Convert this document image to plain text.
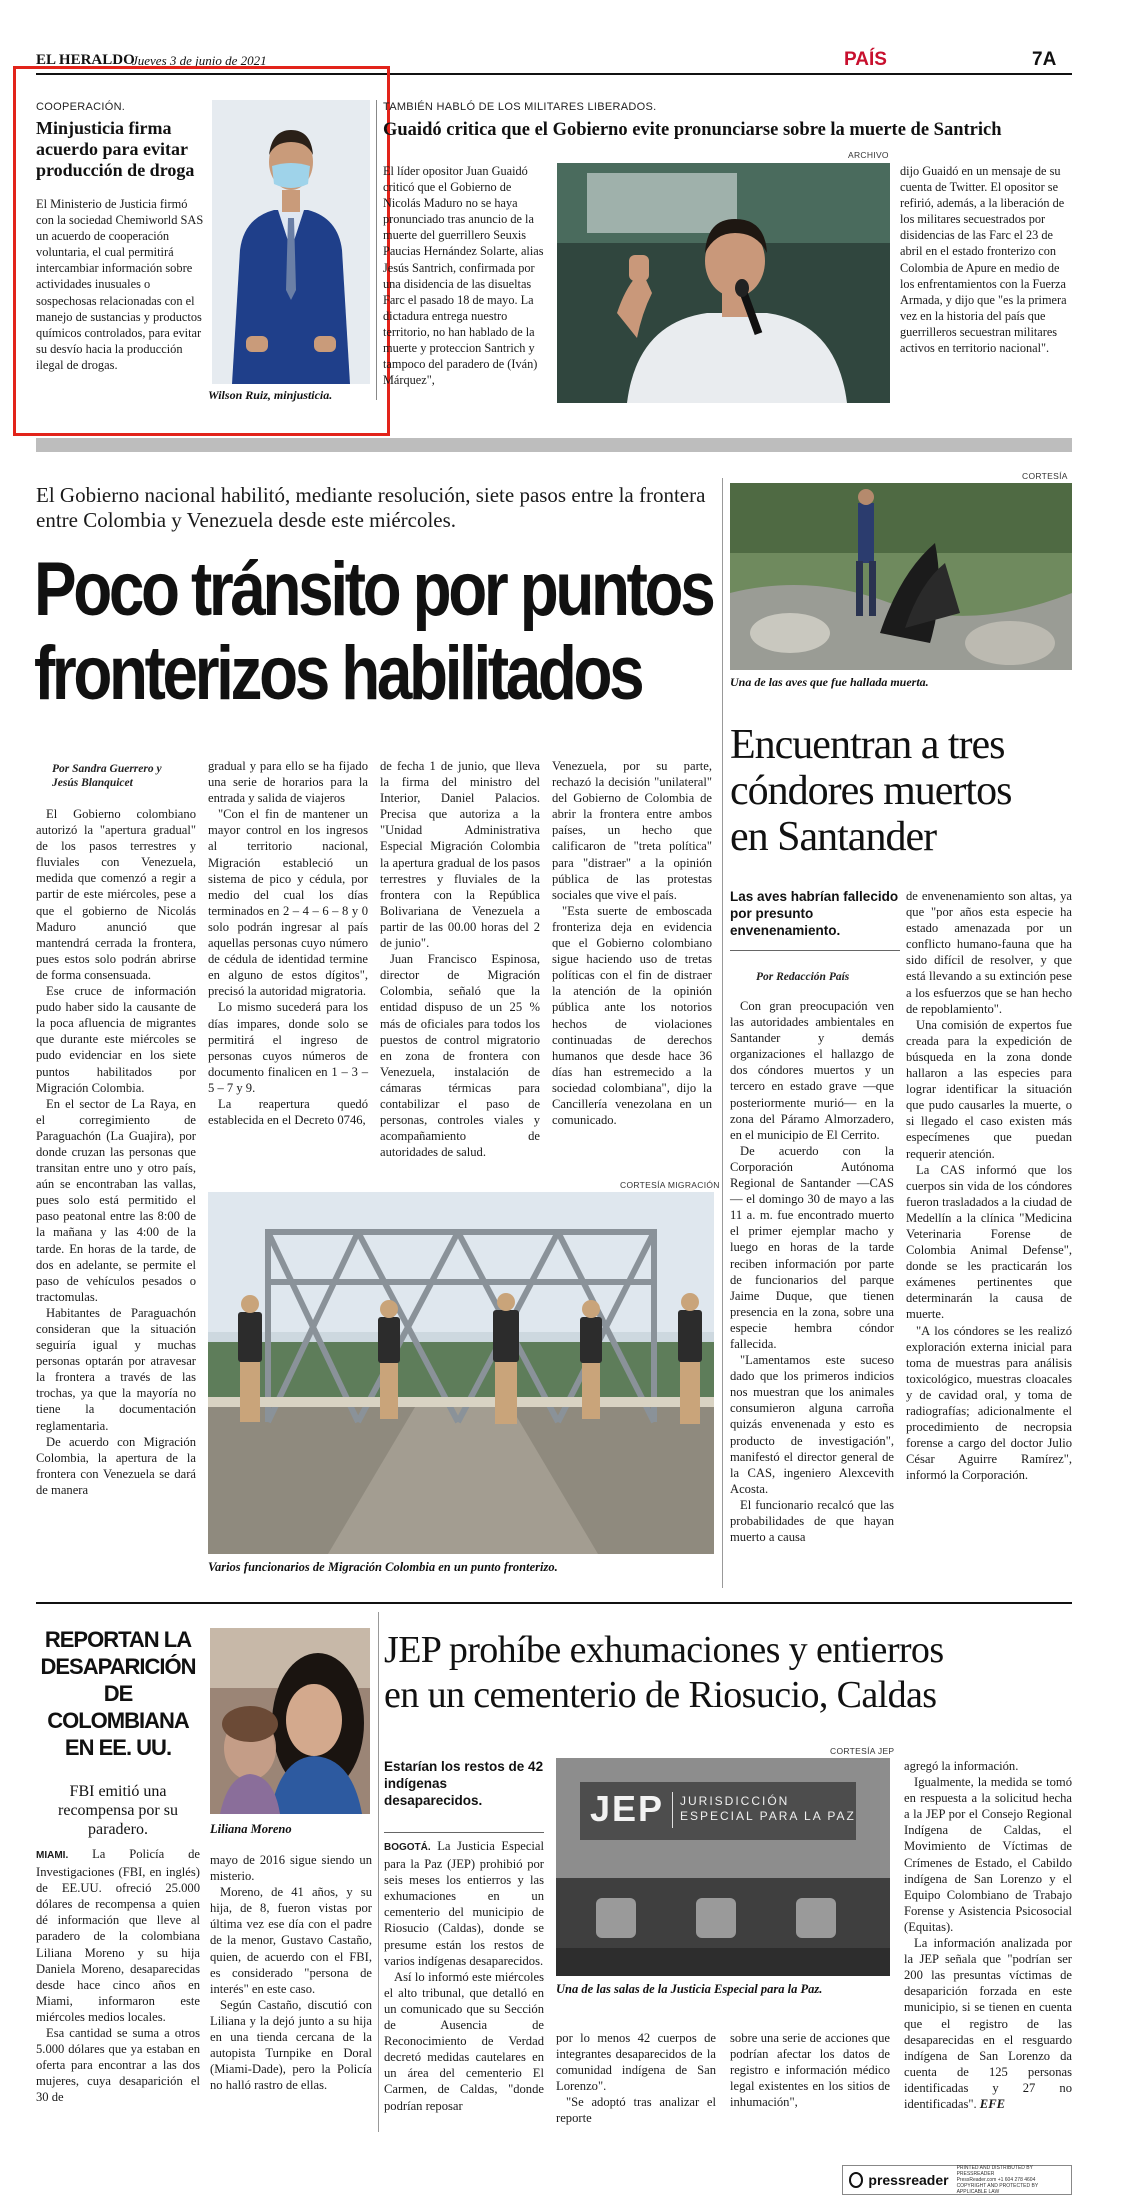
EL HERALDO
Jueves 3 de junio de 2021	PAÍS	7A
COOPERACIÓN.
Minjusticia firma acuerdo para evitar producción de droga
El Ministerio de Justicia firmó con la sociedad Chemiworld SAS un acuerdo de cooperación voluntaria, el cual permitirá intercambiar información sobre actividades inusuales o sospechosas relacionadas con el manejo de sustancias y productos químicos controlados, para evitar su desvío hacia la producción ilegal de drogas.
Wilson Ruiz, minjusticia.
TAMBIÉN HABLÓ DE LOS MILITARES LIBERADOS.
Guaidó critica que el Gobierno evite pronunciarse sobre la muerte de Santrich
ARCHIVO
El líder opositor Juan Guaidó criticó que el Gobierno de Nicolás Maduro no se haya pronunciado tras anuncio de la muerte del guerrillero Seuxis Paucias Hernández Solarte, alias Jesús Santrich, confirmada por una disidencia de las disueltas Farc el pasado 18 de mayo. La dictadura entrega nuestro territorio, no han hablado de la muerte y proteccion Santrich y tampoco del paradero de (Iván) Márquez",
dijo Guaidó en un mensaje de su cuenta de Twitter. El opositor se refirió, además, a la liberación de los militares secuestrados por disidencias de las Farc el 23 de abril en el estado fronterizo con Colombia de Apure en medio de los enfrentamientos con la Fuerza Armada, y dijo que "es la primera vez en la historia del país que guerrilleros secuestran militares activos en territorio nacional".
El Gobierno nacional habilitó, mediante resolución, siete pasos entre la frontera entre Colombia y Venezuela desde este miércoles.
Poco tránsito por puntos
fronterizos habilitados
Por Sandra Guerrero y
Jesús Blanquicet

El Gobierno colombiano autorizó la "apertura gradual" de los pasos terrestres y fluviales con Venezuela, medida que comenzó a regir a partir de este miércoles, pese a que el gobierno de Nicolás Maduro anunció que mantendrá cerrada la frontera, pues estos solo podrán abrirse de forma consensuada.

Ese cruce de información pudo haber sido la causante de la poca afluencia de migrantes que durante este miércoles se pudo evidenciar en los siete puntos habilitados por Migración Colombia.

En el sector de La Raya, en el corregimiento de Paraguachón (La Guajira), por donde cruzan las personas que transitan entre uno y otro país, aún se encontraban las vallas, pues solo está permitido el paso peatonal entre las 8:00 de la mañana y las 4:00 de la tarde. En horas de la tarde, de dos en adelante, se permite el paso de vehículos pesados o tractomulas.

Habitantes de Paraguachón consideran que la situación seguiría igual y muchas personas optarán por atravesar la frontera a través de las trochas, ya que la mayoría no tiene la documentación reglamentaria.

De acuerdo con Migración Colombia, la apertura de la frontera con Venezuela se dará de manera

gradual y para ello se ha fijado una serie de horarios para la entrada y salida de viajeros

"Con el fin de mantener un mayor control en los ingresos al territorio nacional, Migración estableció un sistema de pico y cédula, por medio del cual los días terminados en 2 – 4 – 6 – 8 y 0 solo podrán ingresar al país aquellas personas cuyo número de cédula de identidad termine en alguno de estos dígitos", precisó la autoridad migratoria.

Lo mismo sucederá para los días impares, donde solo se permitirá el ingreso de personas cuyos números de documento finalicen en 1 – 3 – 5 – 7 y 9.

La reapertura quedó establecida en el Decreto 0746,

de fecha 1 de junio, que lleva la firma del ministro del Interior, Daniel Palacios. Precisa que autoriza a la "Unidad Administrativa Especial Migración Colombia la apertura gradual de los pasos terrestres y fluviales de la frontera con la República Bolivariana de Venezuela a partir de las 00.00 horas del 2 de junio".

Juan Francisco Espinosa, director de Migración Colombia, señaló que la entidad dispuso de un 25 % más de oficiales para todos los puestos de control migratorio en zona de frontera con Venezuela, instalación de cámaras térmicas para contabilizar el paso de personas, controles viales y acompañamiento de autoridades de salud.

Venezuela, por su parte, rechazó la decisión "unilateral" del Gobierno de Colombia de abrir la frontera entre ambos países, un hecho que calificaron de "treta política" para "distraer" a la opinión pública de las protestas sociales que vive el país.

"Esta suerte de emboscada fronteriza deja en evidencia que el Gobierno colombiano sigue haciendo uso de tretas políticas con el fin de distraer la atención de la opinión pública ante los notorios hechos de violaciones continuadas de derechos humanos que desde hace 36 días han estremecido a la sociedad colombiana", dijo la Cancillería venezolana en un comunicado.

CORTESÍA MIGRACIÓN
Varios funcionarios de Migración Colombia en un punto fronterizo.
CORTESÍA
Una de las aves que fue hallada muerta.
Encuentran a tres
cóndores muertos
en Santander
Las aves habrían fallecido por presunto envenenamiento.
Por Redacción País

Con gran preocupación ven las autoridades ambientales en Santander y demás organizaciones el hallazgo de dos cóndores muertos y un tercero en estado grave —que posteriormente murió— en la zona del Páramo Almorzadero, en el municipio de El Cerrito.

De acuerdo con la Corporación Autónoma Regional de Santander —CAS— el domingo 30 de mayo a las 11 a. m. fue encontrado muerto el primer ejemplar macho y luego en horas de la tarde reciben información por parte de funcionarios del parque Jaime Duque, que tienen presencia en la zona, sobre una especie hembra cóndor fallecida.

"Lamentamos este suceso dado que los primeros indicios nos muestran que los animales consumieron alguna carroña quizás envenenada y esto es producto de investigación", manifestó el director general de la CAS, ingeniero Alexcevith Acosta.

El funcionario recalcó que las probabilidades de que hayan muerto a causa

de envenenamiento son altas, ya que "por años esta especie ha estado amenazada por un conflicto humano-fauna que ha sido difícil de resolver, y que está llevando a su extinción pese a los esfuerzos que se han hecho de repoblamiento".

Una comisión de expertos fue creada para la expedición de búsqueda en la zona donde hallaron a las especies para lograr identificar la situación que pudo causarles la muerte, o si llegado el caso existen más especímenes que puedan requerir atención.

La CAS informó que los cuerpos sin vida de los cóndores fueron trasladados a la ciudad de Medellín a la clínica "Medicina Veterinaria Forense de Colombia Animal Defense", donde se les practicarán los exámenes pertinentes que determinarán la causa de muerte.

"A los cóndores se les realizó exploración externa inicial para toma de muestras para análisis toxicológico, muestras cloacales y de cavidad oral, y toma de radiografías; adicionalmente el procedimiento de necropsia forense a cargo del doctor Julio César Aguirre Ramírez", informó la Corporación.

REPORTAN LA DESAPARICIÓN DE COLOMBIANA EN EE. UU.
FBI emitió una recompensa por su paradero.	Liliana Moreno

MIAMI. La Policía de Investigaciones (FBI, en inglés) de EE.UU. ofreció 25.000 dólares de recompensa a quien dé información que lleve al paradero de la colombiana Liliana Moreno y su hija Daniela Moreno, desaparecidas desde hace cinco años en Miami, informaron este miércoles medios locales.

Esa cantidad se suma a otros 5.000 dólares que ya estaban en oferta para encontrar a las dos mujeres, cuya desaparición el 30 de

mayo de 2016 sigue siendo un misterio.

Moreno, de 41 años, y su hija, de 8, fueron vistas por última vez ese día con el padre de la menor, Gustavo Castaño, quien, de acuerdo con el FBI, es considerado "persona de interés" en este caso.

Según Castaño, discutió con Liliana y la dejó junto a su hija en una tienda cercana de la autopista Turnpike en Doral (Miami-Dade), pero la Policía no halló rastro de ellas.

JEP prohíbe exhumaciones y entierros
en un cementerio de Riosucio, Caldas
Estarían los restos de 42 indígenas desaparecidos.
CORTESÍA JEP
JEP JURISDICCIÓN
ESPECIAL PARA LA PAZ
Una de las salas de la Justicia Especial para la Paz.

BOGOTÁ. La Justicia Especial para la Paz (JEP) prohibió por seis meses los entierros y las exhumaciones en un cementerio del municipio de Riosucio (Caldas), donde se presume están los restos de varios indígenas desaparecidos.

Así lo informó este miércoles el alto tribunal, que detalló en un comunicado que su Sección de Ausencia de Reconocimiento de Verdad decretó medidas cautelares en un área del cementerio El Carmen, de Caldas, "donde podrían reposar

por lo menos 42 cuerpos de integrantes desaparecidos de la comunidad indígena de San Lorenzo".

"Se adoptó tras analizar el reporte

sobre una serie de acciones que podrían afectar los datos de registro e información médico legal existentes en los sitios de inhumación",

agregó la información.

Igualmente, la medida se tomó en respuesta a la solicitud hecha a la JEP por el Consejo Regional Indígena de Caldas, el Movimiento de Víctimas de Crímenes de Estado, el Cabildo indígena de San Lorenzo y el Equipo Colombiano de Trabajo Forense y Asistencia Psicosocial (Equitas).

La información analizada por la JEP señala que "podrían ser 200 las presuntas víctimas de desaparición forzada en este municipio, si se tienen en cuenta que el registro de las desaparecidas en el resguardo indígena de San Lorenzo da cuenta de 125 personas identificadas y 27 no identificadas". EFE

pressreader
PRINTED AND DISTRIBUTED BY PRESSREADER
PressReader.com +1 604 278 4604
COPYRIGHT AND PROTECTED BY APPLICABLE LAW
